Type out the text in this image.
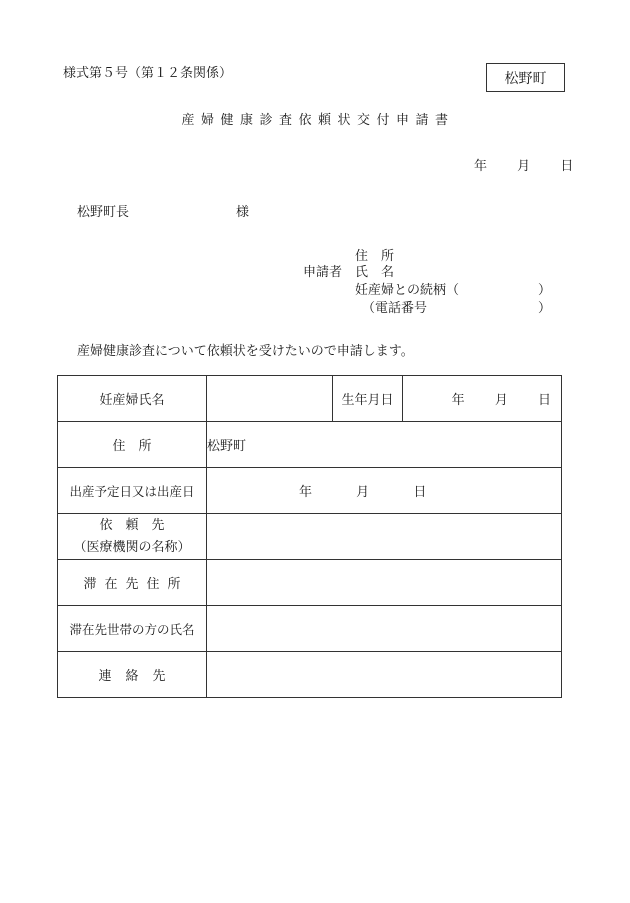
様式第５号（第１２条関係）	松野町
産婦健康診査依頼状交付申請書
年 月 日
松野町長	様
住　所
申請者 氏　名
妊産婦との続柄（	）
（電話番号	）
産婦健康診査について依頼状を受けたいので申請します。
妊産婦氏名		生年月日	年 月 日
住　所	松野町		
出産予定日又は出産日	年 月 日		

依　頼　先
（医療機関の名称）			

滞在先住所			
滞在先世帯の方の氏名			
連絡先			
